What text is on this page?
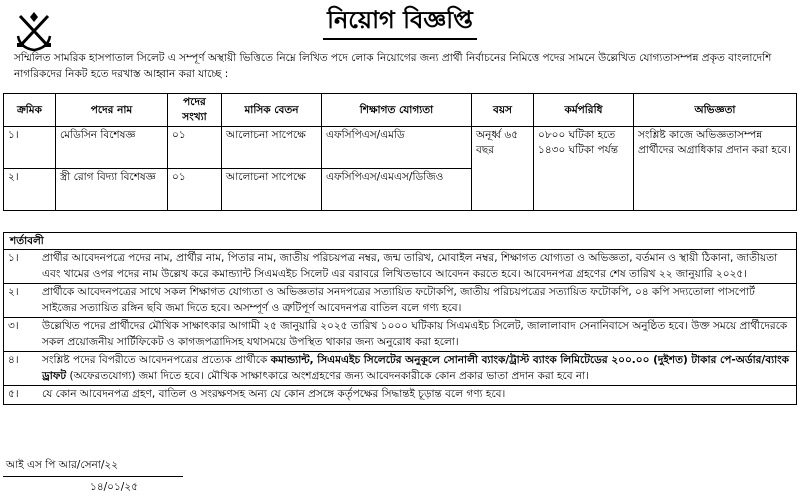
নিয়োগ বিজ্ঞপ্তি
সম্মিলিত সামরিক হাসপাতাল সিলেট এ সম্পূর্ণ অস্থায়ী ভিত্তিতে নিম্নে লিখিত পদে লোক নিয়োগের জন্য প্রার্থী নির্বাচনের নিমিত্তে পদের সামনে উল্লেখিত যোগ্যতাসম্পন্ন প্রকৃত বাংলাদেশি নাগরিকদের নিকট হতে দরখাস্ত আহ্বান করা যাচ্ছে :
ক্রমিক	পদের নাম	পদের সংখ্যা	মাসিক বেতন	শিক্ষাগত যোগ্যতা	বয়স	কর্মপরিধি	অভিজ্ঞতা
১।	মেডিসিন বিশেষজ্ঞ	০১	আলোচনা সাপেক্ষে	এফসিপিএস/এমডি	অনূর্ধ্ব ৬৫ বছর	০৮০০ ঘটিকা হতে ১৪৩০ ঘটিকা পর্যন্ত	সংশ্লিষ্ট কাজে অভিজ্ঞতাসম্পন্ন প্রার্থীদের অগ্রাধিকার প্রদান করা হবে।
২।	স্ত্রী রোগ বিদ্যা বিশেষজ্ঞ	০১	আলোচনা সাপেক্ষে	এফসিপিএস/এমএস/ডিজিও			
শর্তাবলী
১।	প্রার্থীর আবেদনপত্রে পদের নাম, প্রার্থীর নাম, পিতার নাম, জাতীয় পরিচয়পত্র নম্বর, জন্ম তারিখ, মোবাইল নম্বর, শিক্ষাগত যোগ্যতা ও অভিজ্ঞতা, বর্তমান ও স্থায়ী ঠিকানা, জাতীয়তা এবং খামের ওপর পদের নাম উল্লেখ করে কমান্ড্যান্ট সিএমএইচ সিলেট এর বরাবরে লিখিতভাবে আবেদন করতে হবে। আবেদনপত্র গ্রহণের শেষ তারিখ ২২ জানুয়ারি ২০২৫।
২।	প্রার্থীকে আবেদনপত্রের সাথে সকল শিক্ষাগত যোগ্যতা ও অভিজ্ঞতার সনদপত্রের সত্যায়িত ফটোকপি, জাতীয় পরিচয়পত্রের সত্যায়িত ফটোকপি, ০৪ কপি সদ্যতোলা পাসপোর্ট সাইজের সত্যায়িত রঙ্গিন ছবি জমা দিতে হবে। অসম্পূর্ণ ও ত্রুটিপূর্ণ আবেদনপত্র বাতিল বলে গণ্য হবে।
৩।	উল্লেখিত পদের প্রার্থীদের মৌখিক সাক্ষাৎকার আগামী ২৫ জানুয়ারি ২০২৫ তারিখ ১০০০ ঘটিকায় সিএমএইচ সিলেট, জালালাবাদ সেনানিবাসে অনুষ্ঠিত হবে। উক্ত সময়ে প্রার্থীদেরকে সকল প্রয়োজনীয় সার্টিফিকেট ও কাগজপত্রাদিসহ যথাসময়ে উপস্থিত থাকার জন্য অনুরোধ করা হলো।
৪।	সংশ্লিষ্ট পদের বিপরীতে আবেদনপত্রের প্রত্যেক প্রার্থীকে কমান্ড্যান্ট, সিএমএইচ সিলেটের অনুকূলে সোনালী ব্যাংক/ট্রাস্ট ব্যাংক লিমিটেডের ২০০.০০ (দুইশত) টাকার পে-অর্ডার/ব্যাংক ড্রাফট (অফেরতযোগ্য) জমা দিতে হবে। মৌখিক সাক্ষাৎকারে অংশগ্রহণের জন্য আবেদনকারীকে কোন প্রকার ভাতা প্রদান করা হবে না।
৫।	যে কোন আবেদনপত্র গ্রহণ, বাতিল ও সংরক্ষণসহ অন্য যে কোন প্রসঙ্গে কর্তৃপক্ষের সিদ্ধান্তই চূড়ান্ত বলে গণ্য হবে।
আই এস পি আর/সেনা/২২
১৪/০১/২৫
